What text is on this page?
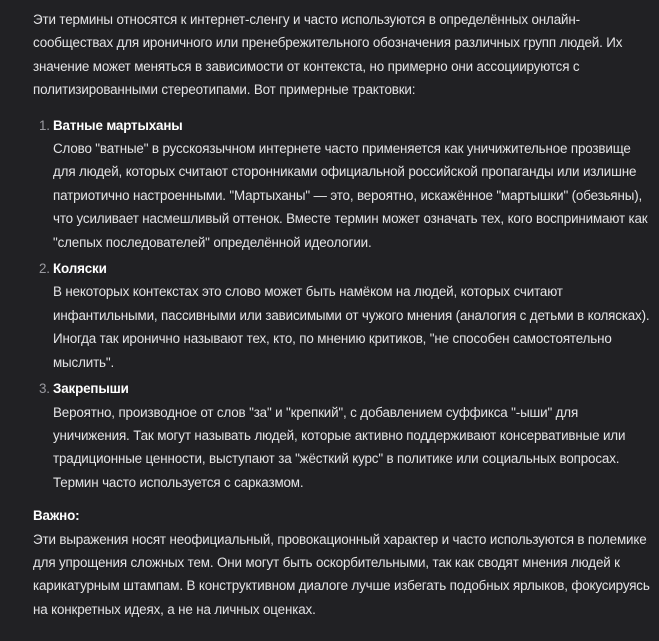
Эти термины относятся к интернет-сленгу и часто используются в определённых онлайн-сообществах для ироничного или пренебрежительного обозначения различных групп людей. Их значение может меняться в зависимости от контекста, но примерно они ассоциируются с политизированными стереотипами. Вот примерные трактовки:

1. Ватные мартыханы

Слово "ватные" в русскоязычном интернете часто применяется как уничижительное прозвище для людей, которых считают сторонниками официальной российской пропаганды или излишне патриотично настроенными. "Мартыханы" — это, вероятно, искажённое "мартышки" (обезьяны), что усиливает насмешливый оттенок. Вместе термин может означать тех, кого воспринимают как "слепых последователей" определённой идеологии.

2. Коляски

В некоторых контекстах это слово может быть намёком на людей, которых считают инфантильными, пассивными или зависимыми от чужого мнения (аналогия с детьми в колясках). Иногда так иронично называют тех, кто, по мнению критиков, "не способен самостоятельно мыслить".

3. Закрепыши

Вероятно, производное от слов "за" и "крепкий", с добавлением суффикса "-ыши" для уничижения. Так могут называть людей, которые активно поддерживают консервативные или традиционные ценности, выступают за "жёсткий курс" в политике или социальных вопросах. Термин часто используется с сарказмом.

Важно:

Эти выражения носят неофициальный, провокационный характер и часто используются в полемике для упрощения сложных тем. Они могут быть оскорбительными, так как сводят мнения людей к карикатурным штампам. В конструктивном диалоге лучше избегать подобных ярлыков, фокусируясь на конкретных идеях, а не на личных оценках.
